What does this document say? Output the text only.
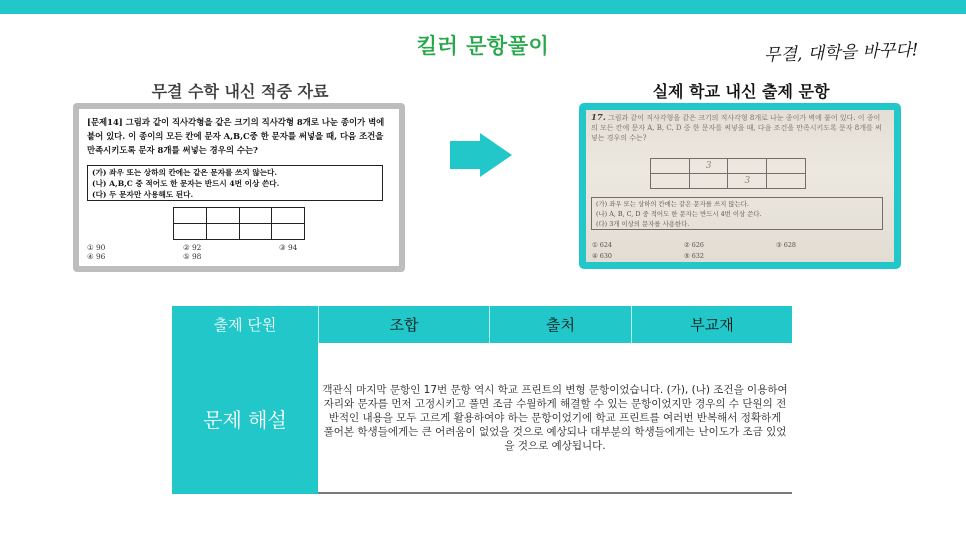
킬러 문항풀이	무결, 대학을 바꾸다!
무결 수학 내신 적중 자료	실제 학교 내신 출제 문항
[문제14] 그림과 같이 직사각형을 같은 크기의 직사각형 8개로 나눈 종이가 벽에 붙어 있다. 이 종이의 모든 칸에 문자 A,B,C중 한 문자를 써넣을 때, 다음 조건을 만족시키도록 문자 8개를 써넣는 경우의 수는?
(가) 좌우 또는 상하의 칸에는 같은 문자를 쓰지 않는다.
(나) A,B,C 중 적어도 한 문자는 반드시 4번 이상 쓴다.
(다) 두 문자만 사용해도 된다.

① 90	② 92	③ 94
④ 96	⑤ 98
17. 그림과 같이 직사각형을 같은 크기의 직사각형 8개로 나눈 종이가 벽에 붙어 있다. 이 종이의 모든 칸에 문자 A, B, C, D 중 한 문자를 써넣을 때, 다음 조건을 만족시키도록 문자 8개를 써넣는 경우의 수는?
	3		
		3	
(가) 좌우 또는 상하의 칸에는 같은 문자를 쓰지 않는다.
(나) A, B, C, D 중 적어도 한 문자는 반드시 4번 이상 쓴다.
(다) 3개 이상의 문자를 사용한다.
① 624	② 626	③ 628
④ 630	⑤ 632
출제 단원	조합	출처	부교재
문제 해설

객관식 마지막 문항인 17번 문항 역시 학교 프린트의 변형 문항이었습니다. (가), (나) 조건을 이용하여 자리와 문자를 먼저 고정시키고 풀면 조금 수월하게 해결할 수 있는 문항이었지만 경우의 수 단원의 전반적인 내용을 모두 고르게 활용하여야 하는 문항이었기에 학교 프린트를 여러번 반복해서 정확하게 풀어본 학생들에게는 큰 어려움이 없었을 것으로 예상되나 대부분의 학생들에게는 난이도가 조금 있었을 것으로 예상됩니다.
